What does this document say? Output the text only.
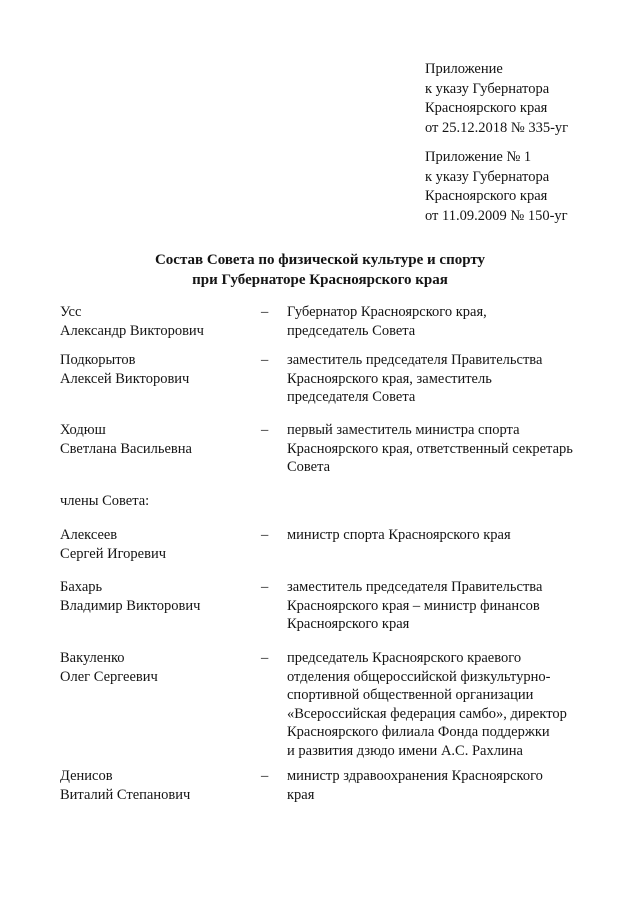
Приложение
к указу Губернатора
Красноярского края
от 25.12.2018 № 335-уг
Приложение № 1
к указу Губернатора
Красноярского края
от 11.09.2009 № 150-уг
Состав Совета по физической культуре и спорту
при Губернаторе Красноярского края
Усс
Александр Викторович
– Губернатор Красноярского края,
председатель Совета
Подкорытов
Алексей Викторович
– заместитель председателя Правительства
Красноярского края, заместитель
председателя Совета
Ходюш
Светлана Васильевна
– первый заместитель министра спорта
Красноярского края, ответственный секретарь
Совета
члены Совета:
Алексеев
Сергей Игоревич
– министр спорта Красноярского края
Бахарь
Владимир Викторович
– заместитель председателя Правительства
Красноярского края – министр финансов
Красноярского края
Вакуленко
Олег Сергеевич
– председатель Красноярского краевого
отделения общероссийской физкультурно-
спортивной общественной организации
«Всероссийская федерация самбо», директор
Красноярского филиала Фонда поддержки
и развития дзюдо имени А.С. Рахлина
Денисов
Виталий Степанович
– министр здравоохранения Красноярского
края
